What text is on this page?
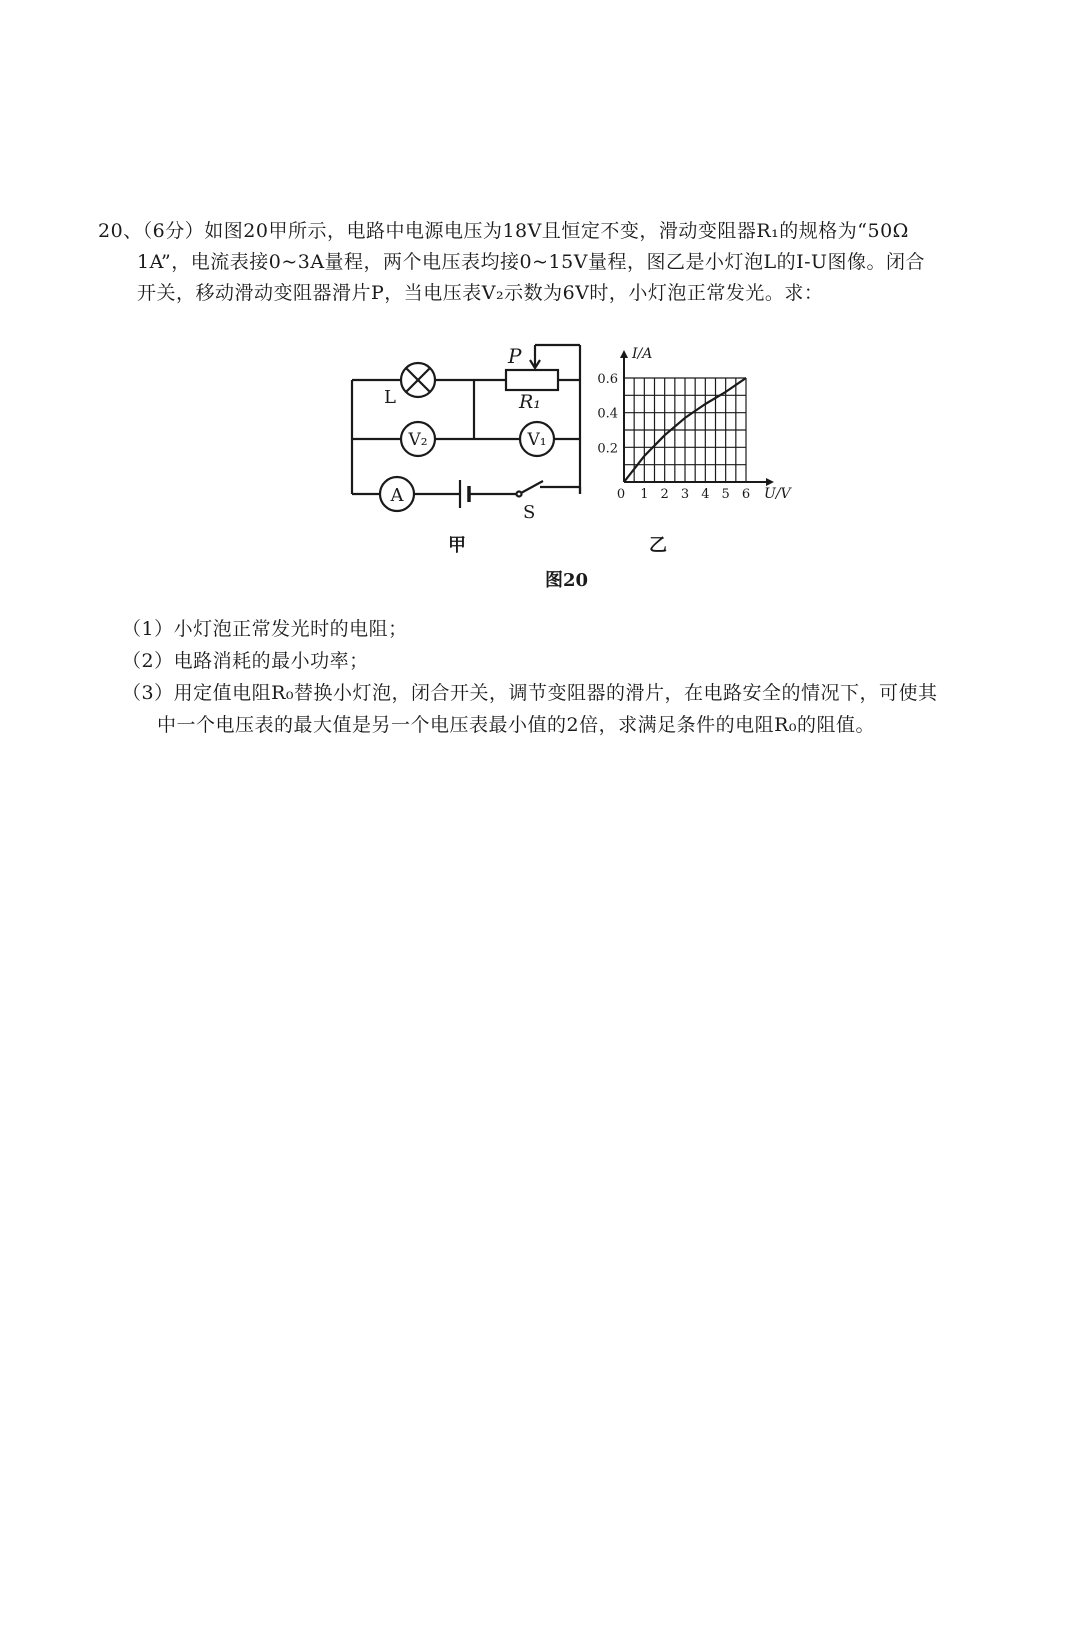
20、（6分）如图20甲所示，电路中电源电压为18V且恒定不变，滑动变阻器R₁的规格为“50Ω
1A”，电流表接0~3A量程，两个电压表均接0~15V量程，图乙是小灯泡L的I-U图像。闭合
开关，移动滑动变阻器滑片P，当电压表V₂示数为6V时，小灯泡正常发光。求：
L
P
R₁
V₂	V₁
A
S
0 1 2 3 4 5 6
0.2
0.4
0.6
U/V
I/A
甲	乙
图20
（1）小灯泡正常发光时的电阻；
（2）电路消耗的最小功率；
（3）用定值电阻R₀替换小灯泡，闭合开关，调节变阻器的滑片，在电路安全的情况下，可使其
中一个电压表的最大值是另一个电压表最小值的2倍，求满足条件的电阻R₀的阻值。
